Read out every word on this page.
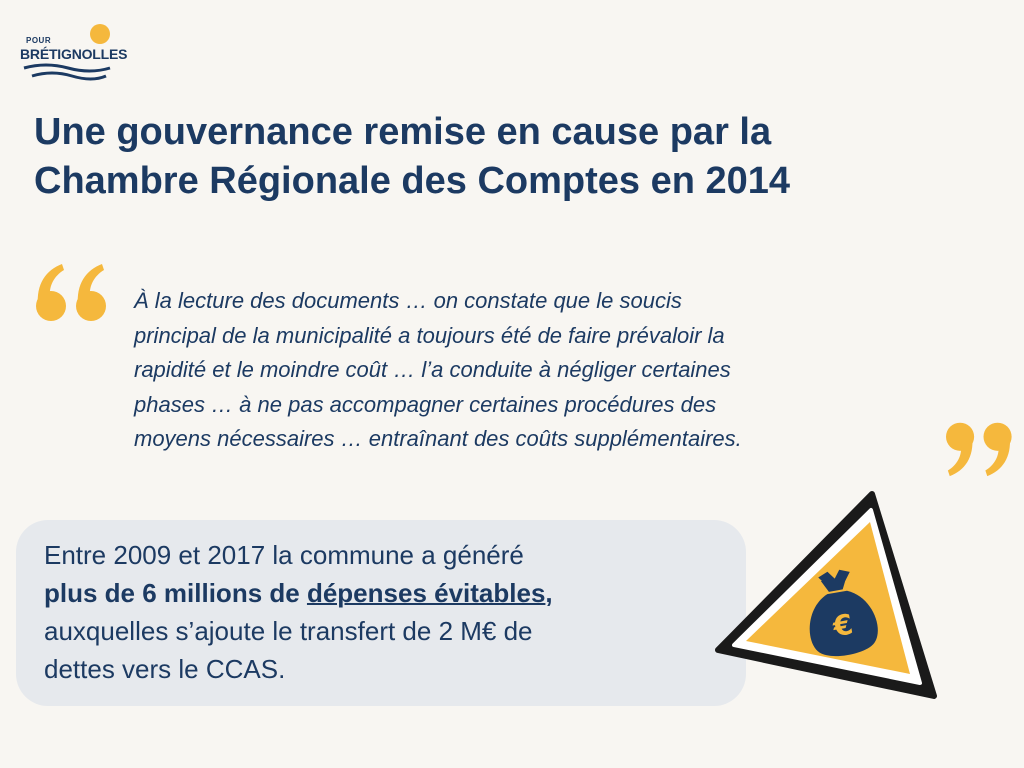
POUR
BRÉTIGNOLLES
Une gouvernance remise en cause par la
Chambre Régionale des Comptes en 2014

À la lecture des documents … on constate que le soucis
principal de la municipalité a toujours été de faire prévaloir la
rapidité et le moindre coût … l’a conduite à négliger certaines
phases … à ne pas accompagner certaines procédures des
moyens nécessaires … entraînant des coûts supplémentaires.

Entre 2009 et 2017 la commune a généré
plus de 6 millions de dépenses évitables,
auxquelles s’ajoute le transfert de 2 M€ de
dettes vers le CCAS.

€
